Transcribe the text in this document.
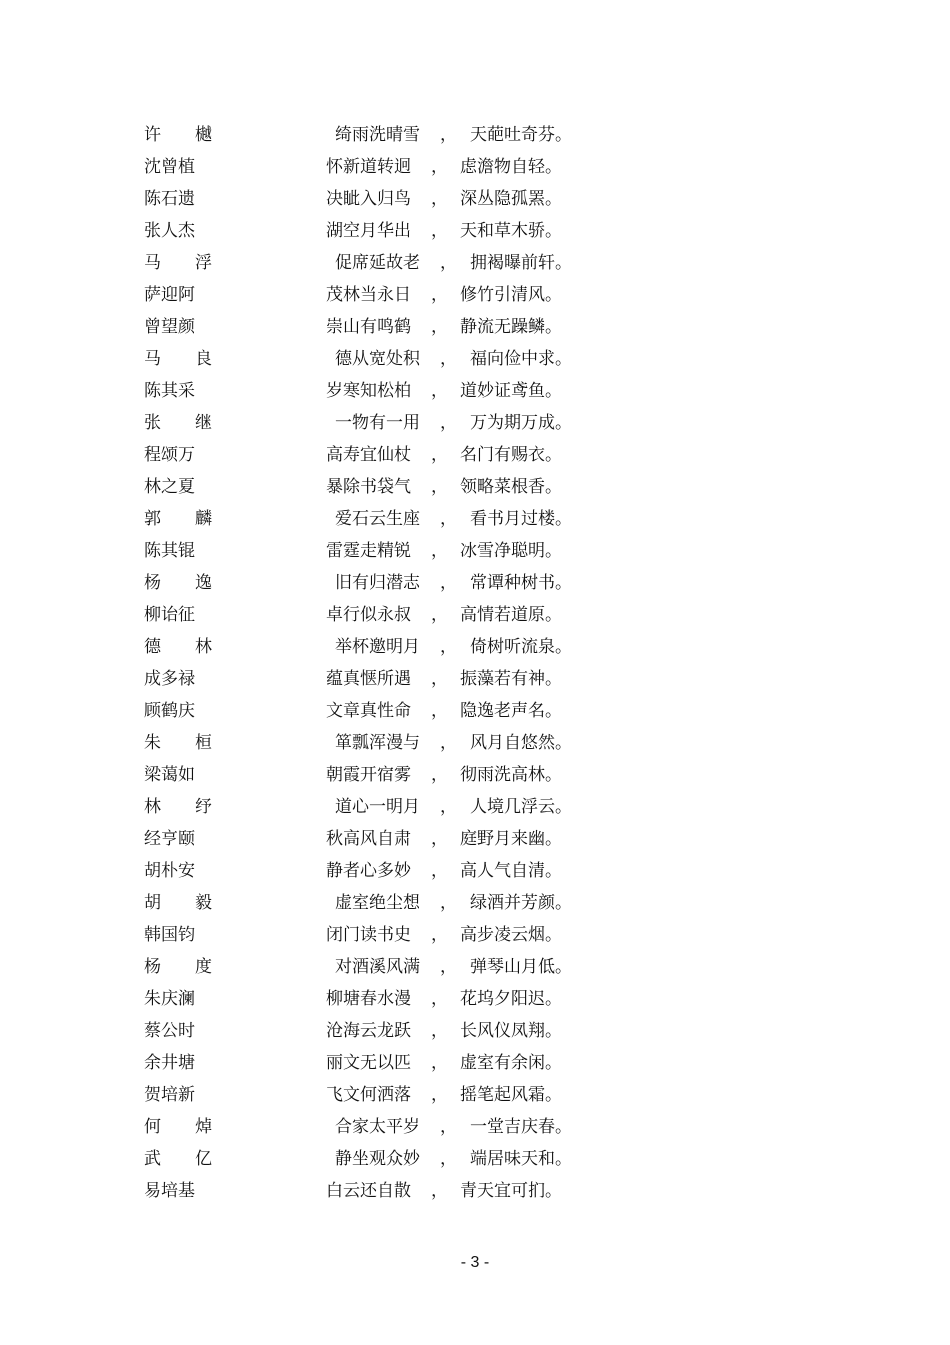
许　　樾	绮雨洗晴雪 ， 天葩吐奇芬。
沈曾植	怀新道转迥 ， 虑澹物自轻。
陈石遗	决眦入归鸟 ， 深丛隐孤罴。
张人杰	湖空月华出 ， 天和草木骄。
马　　浮	促席延故老 ， 拥褐曝前轩。
萨迎阿	茂林当永日 ， 修竹引清风。
曾望颜	崇山有鸣鹤 ， 静流无躁鳞。
马　　良	德从宽处积 ， 福向俭中求。
陈其采	岁寒知松柏 ， 道妙证鸢鱼。
张　　继	一物有一用 ， 万为期万成。
程颂万	高寿宜仙杖 ， 名门有赐衣。
林之夏	暴除书袋气 ， 领略菜根香。
郭　　麟	爱石云生座 ， 看书月过楼。
陈其锟	雷霆走精锐 ， 冰雪净聪明。
杨　　逸	旧有归潜志 ， 常谭种树书。
柳诒征	卓行似永叔 ， 高情若道原。
德　　林	举杯邀明月 ， 倚树听流泉。
成多禄	蕴真惬所遇 ， 振藻若有神。
顾鹤庆	文章真性命 ， 隐逸老声名。
朱　　桓	箪瓢浑漫与 ， 风月自悠然。
梁蔼如	朝霞开宿雾 ， 彻雨洗高林。
林　　纾	道心一明月 ， 人境几浮云。
经亨颐	秋高风自肃 ， 庭野月来幽。
胡朴安	静者心多妙 ， 高人气自清。
胡　　毅	虚室绝尘想 ， 绿酒并芳颜。
韩国钧	闭门读书史 ， 高步凌云烟。
杨　　度	对酒溪风满 ， 弹琴山月低。
朱庆澜	柳塘春水漫 ， 花坞夕阳迟。
蔡公时	沧海云龙跃 ， 长风仪凤翔。
余井塘	丽文无以匹 ， 虚室有余闲。
贺培新	飞文何洒落 ， 摇笔起风霜。
何　　焯	合家太平岁 ， 一堂吉庆春。
武　　亿	静坐观众妙 ， 端居味天和。
易培基	白云还自散 ， 青天宜可扪。
- 3 -
